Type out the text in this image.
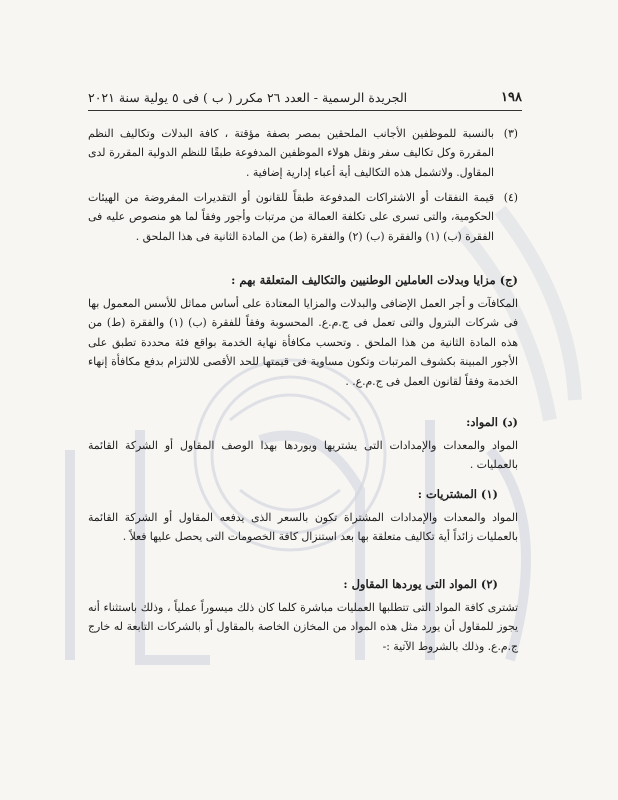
١٩٨
الجريدة الرسمية - العدد ٢٦ مكرر ( ب ) فى ٥ يولية سنة ٢٠٢١
(٣)
بالنسبة للموظفين الأجانب الملحقين بمصر بصفة مؤقتة ، كافة البدلات وتكاليف النظم المقررة وكل تكاليف سفر ونقل هولاء الموظفين المدفوعة طبقًا للنظم الدولية المقررة لدى المقاول. ولاتشمل هذه التكاليف أية أعباء إدارية إضافية .
(٤)
قيمة النفقات أو الاشتراكات المدفوعة طبقاً للقانون أو التقديرات المفروضة من الهيئات الحكومية، والتى تسرى على تكلفة العمالة من مرتبات وأجور وفقاً لما هو منصوص عليه فى الفقرة (ب) (١) والفقرة (ب) (٢) والفقرة (ط) من المادة الثانية فى هذا الملحق .
(ج) مزايا وبدلات العاملين الوطنيين والتكاليف المتعلقة بهم :
المكافآت و أجر العمل الإضافى والبدلات والمزايا المعتادة على أساس مماثل للأسس المعمول بها فى شركات البترول والتى تعمل فى ج.م.ع. المحسوبة وفقاً للفقرة (ب) (١) والفقرة (ط) من هذه المادة الثانية من هذا الملحق . وتحسب مكافأة نهاية الخدمة بواقع فئة محددة تطبق على الأجور المبينة بكشوف المرتبات وتكون مساوية فى قيمتها للحد الأقصى للالتزام بدفع مكافأة إنهاء الخدمة وفقاً لقانون العمل فى ج.م.ع. .
(د) المواد:
المواد والمعدات والإمدادات التى يشتريها ويوردها بهذا الوصف المقاول أو الشركة القائمة بالعمليات .
(١) المشتريات :
المواد والمعدات والإمدادات المشتراة تكون بالسعر الذى يدفعه المقاول أو الشركة القائمة بالعمليات زائداً أية تكاليف متعلقة بها بعد استنزال كافة الخصومات التى يحصل عليها فعلاً .
(٢) المواد التى يوردها المقاول :
تشترى كافة المواد التى تتطلبها العمليات مباشرة كلما كان ذلك ميسوراً عملياً ، وذلك باستثناء أنه يجوز للمقاول أن يورد مثل هذه المواد من المخازن الخاصة بالمقاول أو بالشركات التابعة له خارج ج.م.ع. وذلك بالشروط الآتية :-
